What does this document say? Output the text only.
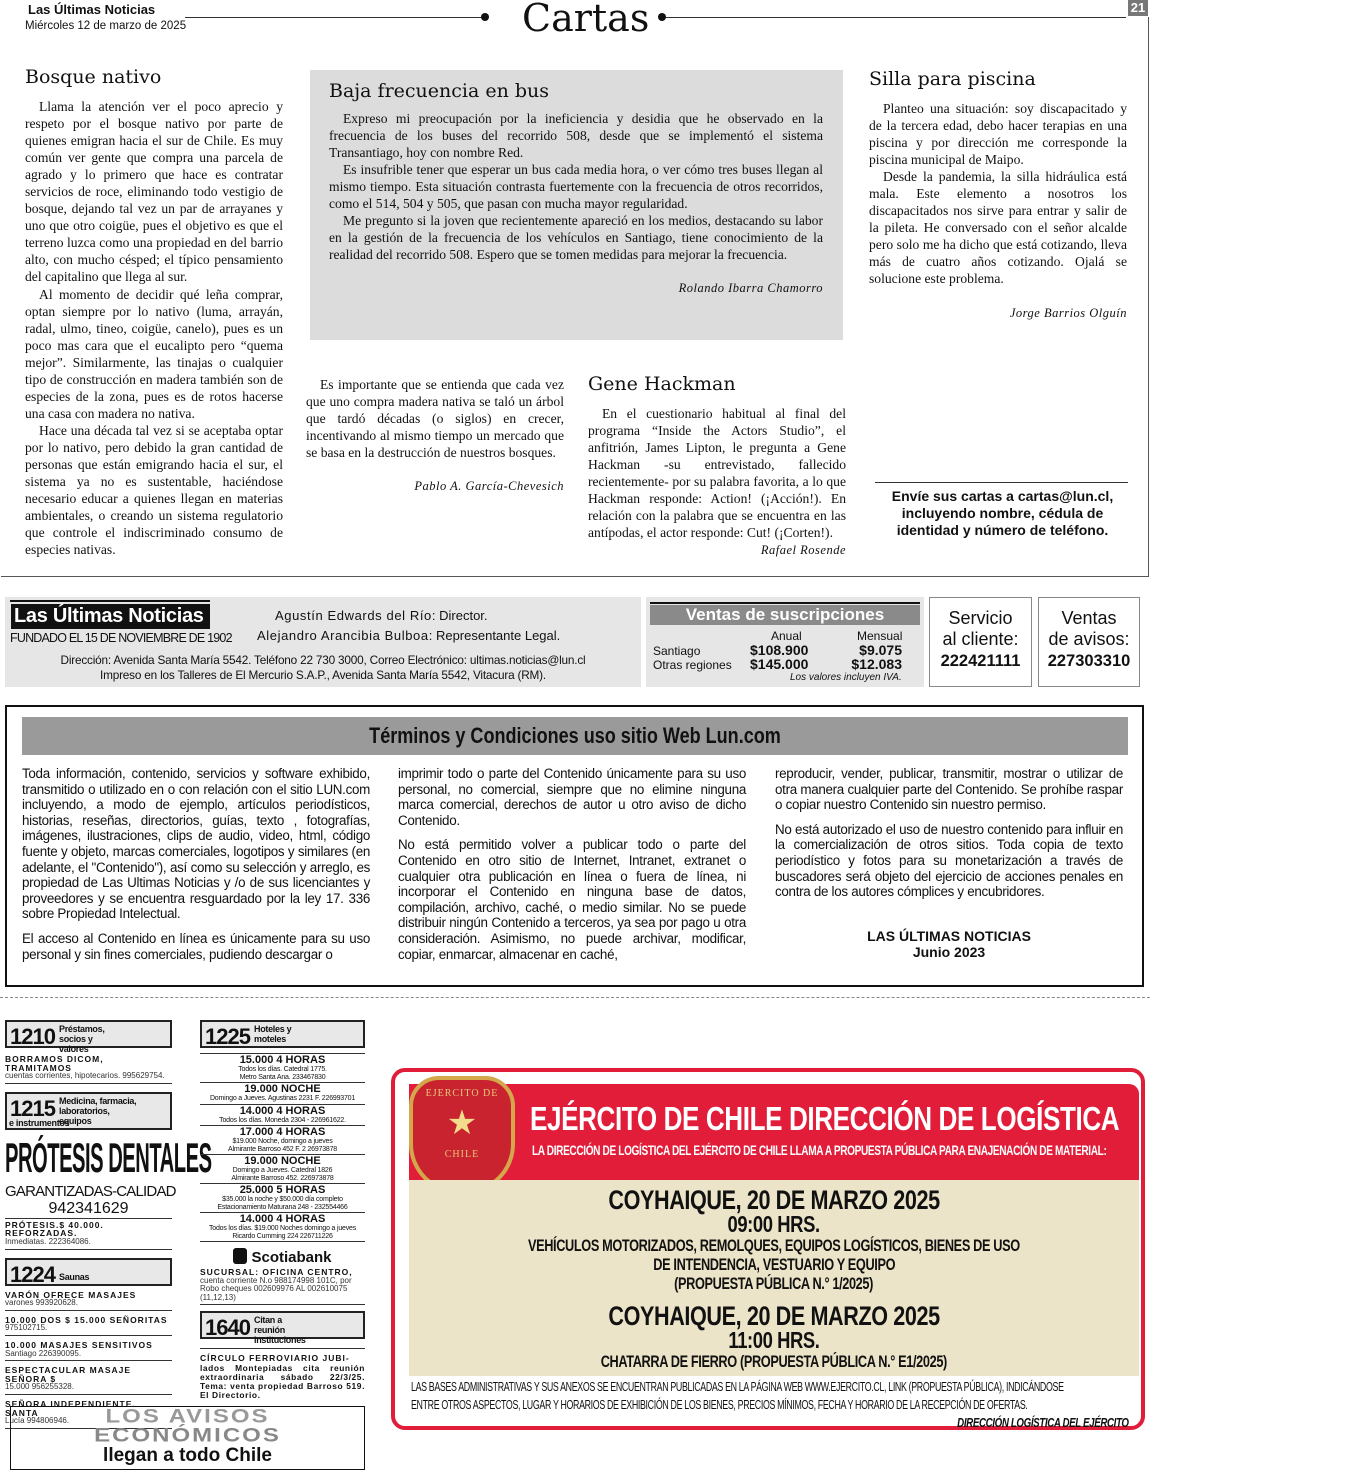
Las Últimas Noticias
Miércoles 12 de marzo de 2025	Cartas	21
Bosque nativo

Llama la atención ver el poco aprecio y respeto por el bosque nativo por parte de quienes emigran hacia el sur de Chile. Es muy común ver gente que compra una parcela de agrado y lo primero que hace es contratar servicios de roce, eliminando todo vestigio de bosque, dejando tal vez un par de arrayanes y uno que otro coigüe, pues el objetivo es que el terreno luzca como una propiedad en del barrio alto, con mucho césped; el típico pensamiento del capitalino que llega al sur.

Al momento de decidir qué leña comprar, optan siempre por lo nativo (luma, arrayán, radal, ulmo, tineo, coigüe, canelo), pues es un poco mas cara que el eucalipto pero “quema mejor”. Similarmente, las tinajas o cualquier tipo de construcción en madera también son de especies de la zona, pues es de rotos hacerse una casa con madera no nativa.

Hace una década tal vez si se aceptaba optar por lo nativo, pero debido la gran cantidad de personas que están emigrando hacia el sur, el sistema ya no es sustentable, haciéndose necesario educar a quienes llegan en materias ambientales, o creando un sistema regulatorio que controle el indiscriminado consumo de especies nativas.

Es importante que se entienda que cada vez que uno compra madera nativa se taló un árbol que tardó décadas (o siglos) en crecer, incentivando al mismo tiempo un mercado que se basa en la destrucción de nuestros bosques.

Pablo A. García-Chevesich
Baja frecuencia en bus

Expreso mi preocupación por la ineficiencia y desidia que he observado en la frecuencia de los buses del recorrido 508, desde que se implementó el sistema Transantiago, hoy con nombre Red.

Es insufrible tener que esperar un bus cada media hora, o ver cómo tres buses llegan al mismo tiempo. Esta situación contrasta fuertemente con la frecuencia de otros recorridos, como el 514, 504 y 505, que pasan con mucha mayor regularidad.

Me pregunto si la joven que recientemente apareció en los medios, destacando su labor en la gestión de la frecuencia de los vehículos en Santiago, tiene conocimiento de la realidad del recorrido 508. Espero que se tomen medidas para mejorar la frecuencia.

Rolando Ibarra Chamorro
Silla para piscina

Planteo una situación: soy discapacitado y de la tercera edad, debo hacer terapias en una piscina y por dirección me corresponde la piscina municipal de Maipo.

Desde la pandemia, la silla hidráulica está mala. Este elemento a nosotros los discapacitados nos sirve para entrar y salir de la pileta. He conversado con el señor alcalde pero solo me ha dicho que está cotizando, lleva más de cuatro años cotizando. Ojalá se solucione este problema.

Jorge Barrios Olguín
Gene Hackman

En el cuestionario habitual al final del programa “Inside the Actors Studio”, el anfitrión, James Lipton, le pregunta a Gene Hackman -su entrevistado, fallecido recientemente- por su palabra favorita, a lo que Hackman responde: Action! (¡Acción!). En relación con la palabra que se encuentra en las antípodas, el actor responde: Cut! (¡Corten!).

Rafael Rosende
Envíe sus cartas a cartas@lun.cl, incluyendo nombre, cédula de identidad y número de teléfono.
Las Últimas Noticias
FUNDADO EL 15 DE NOVIEMBRE DE 1902
Agustín Edwards del Río: Director.
Alejandro Arancibia Bulboa: Representante Legal.
Dirección: Avenida Santa María 5542. Teléfono 22 730 3000, Correo Electrónico: ultimas.noticias@lun.cl
Impreso en los Talleres de El Mercurio S.A.P., Avenida Santa María 5542, Vitacura (RM).
Ventas de suscripciones
Anual	Mensual
Santiago	$108.900	$9.075
Otras regiones $145.000	$12.083
Los valores incluyen IVA.
Servicio
al cliente:
222421111
Ventas
de avisos:
227303310
Términos y Condiciones uso sitio Web Lun.com

Toda información, contenido, servicios y software exhibido, transmitido o utilizado en o con relación con el sitio LUN.com incluyendo, a modo de ejemplo, artículos periodísticos, historias, reseñas, directorios, guías, texto , fotografías, imágenes, ilustraciones, clips de audio, video, html, código fuente y objeto, marcas comerciales, logotipos y similares (en adelante, el "Contenido"), así como su selección y arreglo, es propiedad de Las Ultimas Noticias y /o de sus licenciantes y proveedores y se encuentra resguardado por la ley 17. 336 sobre Propiedad Intelectual.

El acceso al Contenido en línea es únicamente para su uso personal y sin fines comerciales, pudiendo descargar o

imprimir todo o parte del Contenido únicamente para su uso personal, no comercial, siempre que no elimine ninguna marca comercial, derechos de autor u otro aviso de dicho Contenido.

No está permitido volver a publicar todo o parte del Contenido en otro sitio de Internet, Intranet, extranet o cualquier otra publicación en línea o fuera de línea, ni incorporar el Contenido en ninguna base de datos, compilación, archivo, caché, o medio similar. No se puede distribuir ningún Contenido a terceros, ya sea por pago u otra consideración. Asimismo, no puede archivar, modificar, copiar, enmarcar, almacenar en caché,

reproducir, vender, publicar, transmitir, mostrar o utilizar de otra manera cualquier parte del Contenido. Se prohíbe raspar o copiar nuestro Contenido sin nuestro permiso.

No está autorizado el uso de nuestro contenido para influir en la comercialización de otros sitios. Toda copia de texto periodístico y fotos para su monetarización a través de buscadores será objeto del ejercicio de acciones penales en contra de los autores cómplices y encubridores.

LAS ÚLTIMAS NOTICIAS
Junio 2023
1210 Préstamos, socios y valores
BORRAMOS DICOM, TRAMITAMOS
cuentas corrientes, hipotecarios. 995629754.
1215 Medicina, farmacia, laboratorios, equipos
e instrumentos
PRÓTESIS DENTALES
GARANTIZADAS-CALIDAD
942341629
PRÓTESIS.$ 40.000. REFORZADAS.
Inmediatas. 222364086.
1224 Saunas
VARÓN OFRECE MASAJES
varones 993920628.
10.000 DOS $ 15.000 SEÑORITAS
975102715.
10.000 MASAJES SENSITIVOS
Santiago 226390095.
ESPECTACULAR MASAJE SEÑORA $
15.000 956255328.
SEÑORA INDEPENDIENTE. SANTA
Lucía 994806946.	LOS AVISOS
ECONÓMICOS
llegan a todo Chile
1225 Hoteles y moteles
15.000 4 HORAS
Todos los días. Catedral 1775.
Metro Santa Ana. 233467830
19.000 NOCHE
Domingo a Jueves. Agustinas 2231 F. 226993701
14.000 4 HORAS
Todos los días. Moneda 2304 - 226961622.
17.000 4 HORAS
$19.000 Noche, domingo a jueves
Almirante Barroso 452 F. 2 26973878
19.000 NOCHE
Domingo a Jueves. Catedral 1826
Almirante Barroso 452. 226973878
25.000 5 HORAS
$35.000 la noche y $50.000 día completo
Estacionamiento Maturana 248 - 232554466
14.000 4 HORAS
Todos los días. $19.000 Noches domingo a jueves
Ricardo Cumming 224 226711226
Scotiabank
SUCURSAL: OFICINA CENTRO,
cuenta corriente N.o 988174998 101C, por Robo cheques 002609976 AL 002610075 (11,12,13)
1640 Citan a reunión instituciones
CÍRCULO FERROVIARIO JUBI-
lados Montepiadas cita reunión extraordinaria sábado 22/3/25. Tema: venta propiedad Barroso 519. El Directorio.
EJERCITO DE
★
CHILE
EJÉRCITO DE CHILE DIRECCIÓN DE LOGÍSTICA
LA DIRECCIÓN DE LOGÍSTICA DEL EJÉRCITO DE CHILE LLAMA A PROPUESTA PÚBLICA PARA ENAJENACIÓN DE MATERIAL:
COYHAIQUE, 20 DE MARZO 2025
09:00 HRS.
VEHÍCULOS MOTORIZADOS, REMOLQUES, EQUIPOS LOGÍSTICOS, BIENES DE USO
DE INTENDENCIA, VESTUARIO Y EQUIPO
(PROPUESTA PÚBLICA N.° 1/2025)
COYHAIQUE, 20 DE MARZO 2025
11:00 HRS.
CHATARRA DE FIERRO (PROPUESTA PÚBLICA N.° E1/2025)
LAS BASES ADMINISTRATIVAS Y SUS ANEXOS SE ENCUENTRAN PUBLICADAS EN LA PÁGINA WEB WWW.EJERCITO.CL, LINK (PROPUESTA PÚBLICA), INDICÁNDOSE
ENTRE OTROS ASPECTOS, LUGAR Y HORARIOS DE EXHIBICIÓN DE LOS BIENES, PRECIOS MÍNIMOS, FECHA Y HORARIO DE LA RECEPCIÓN DE OFERTAS.
DIRECCIÓN LOGÍSTICA DEL EJÉRCITO
